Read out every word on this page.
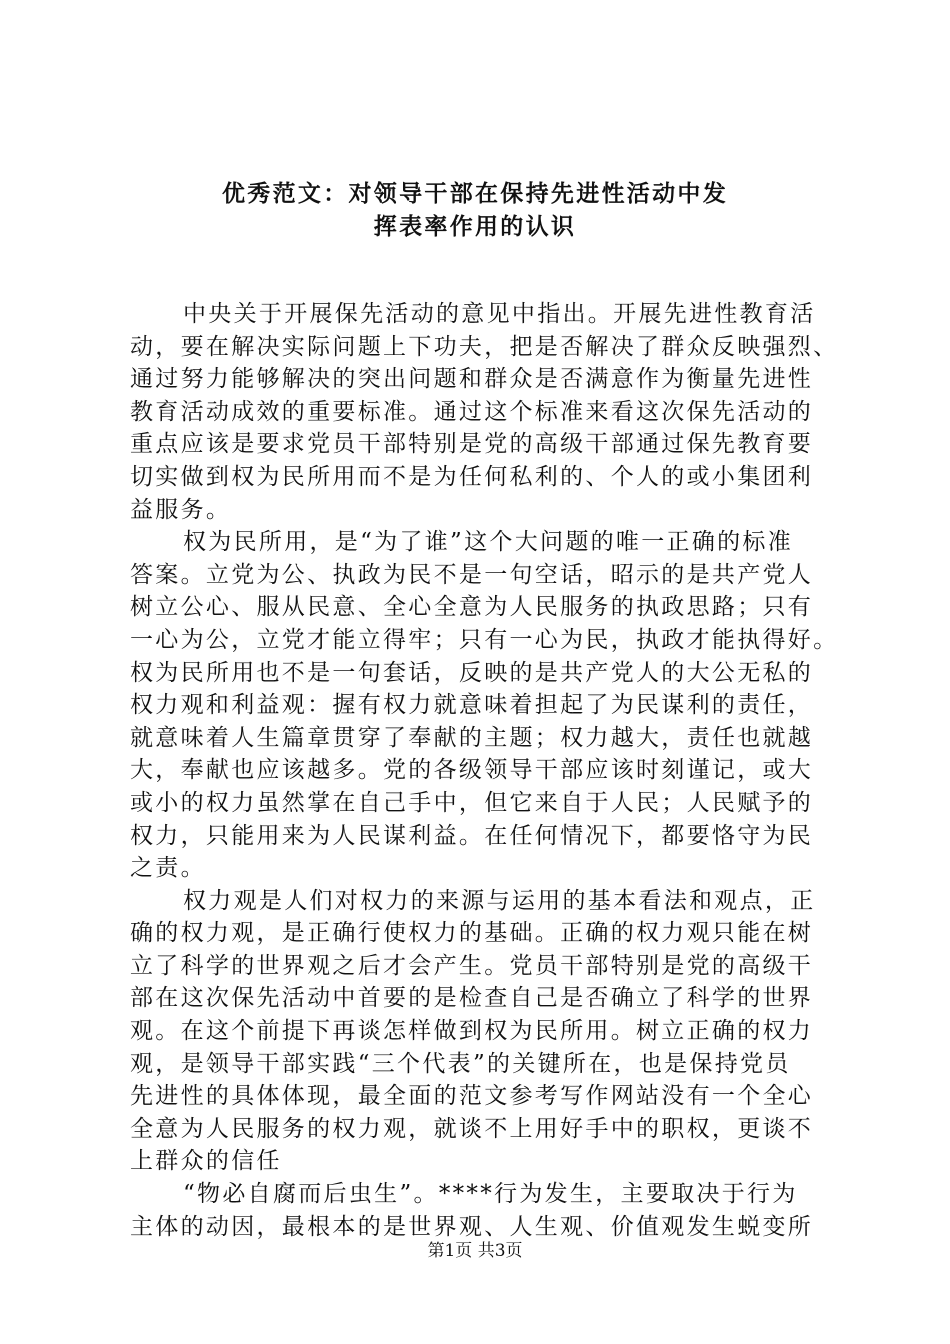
优秀范文：对领导干部在保持先进性活动中发
挥表率作用的认识
中央关于开展保先活动的意见中指出。开展先进性教育活
动，要在解决实际问题上下功夫，把是否解决了群众反映强烈、
通过努力能够解决的突出问题和群众是否满意作为衡量先进性
教育活动成效的重要标准。通过这个标准来看这次保先活动的
重点应该是要求党员干部特别是党的高级干部通过保先教育要
切实做到权为民所用而不是为任何私利的、个人的或小集团利
益服务。
权为民所用，是“为了谁”这个大问题的唯一正确的标准
答案。立党为公、执政为民不是一句空话，昭示的是共产党人
树立公心、服从民意、全心全意为人民服务的执政思路；只有
一心为公，立党才能立得牢；只有一心为民，执政才能执得好。
权为民所用也不是一句套话，反映的是共产党人的大公无私的
权力观和利益观：握有权力就意味着担起了为民谋利的责任，
就意味着人生篇章贯穿了奉献的主题；权力越大，责任也就越
大，奉献也应该越多。党的各级领导干部应该时刻谨记，或大
或小的权力虽然掌在自己手中，但它来自于人民；人民赋予的
权力，只能用来为人民谋利益。在任何情况下，都要恪守为民
之责。
权力观是人们对权力的来源与运用的基本看法和观点，正
确的权力观，是正确行使权力的基础。正确的权力观只能在树
立了科学的世界观之后才会产生。党员干部特别是党的高级干
部在这次保先活动中首要的是检查自己是否确立了科学的世界
观。在这个前提下再谈怎样做到权为民所用。树立正确的权力
观，是领导干部实践“三个代表”的关键所在，也是保持党员
先进性的具体体现，最全面的范文参考写作网站没有一个全心
全意为人民服务的权力观，就谈不上用好手中的职权，更谈不
上群众的信任
“物必自腐而后虫生”。****行为发生，主要取决于行为
主体的动因，最根本的是世界观、人生观、价值观发生蜕变所
第1页 共3页
